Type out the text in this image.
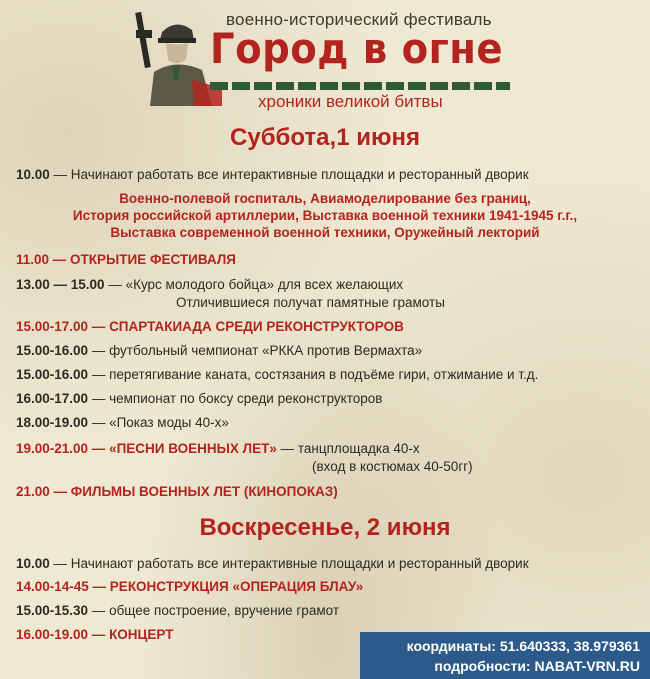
военно-исторический фестиваль
Город в огне
хроники великой битвы
Суббота,1 июня
10.00 — Начинают работать все интерактивные площадки и ресторанный дворик
Военно-полевой госпиталь, Авиамоделирование без границ,
История российской артиллерии, Выставка военной техники 1941-1945 г.г.,
Выставка современной военной техники, Оружейный лекторий
11.00 — ОТКРЫТИЕ ФЕСТИВАЛЯ
13.00 — 15.00 — «Курс молодого бойца» для всех желающих
Отличившиеся получат памятные грамоты
15.00-17.00 — СПАРТАКИАДА СРЕДИ РЕКОНСТРУКТОРОВ
15.00-16.00 — футбольный чемпионат «РККА против Вермахта»
15.00-16.00 — перетягивание каната, состязания в подъёме гири, отжимание и т.д.
16.00-17.00 — чемпионат по боксу среди реконструкторов
18.00-19.00 — «Показ моды 40-х»
19.00-21.00 — «ПЕСНИ ВОЕННЫХ ЛЕТ» — танцплощадка 40-х
(вход в костюмах 40-50гг)
21.00 — ФИЛЬМЫ ВОЕННЫХ ЛЕТ (КИНОПОКАЗ)
Воскресенье, 2 июня
10.00 — Начинают работать все интерактивные площадки и ресторанный дворик
14.00-14-45 — РЕКОНСТРУКЦИЯ «ОПЕРАЦИЯ БЛАУ»
15.00-15.30 — общее построение, вручение грамот
16.00-19.00 — КОНЦЕРТ
координаты: 51.640333, 38.979361
подробности: NABAT-VRN.RU
